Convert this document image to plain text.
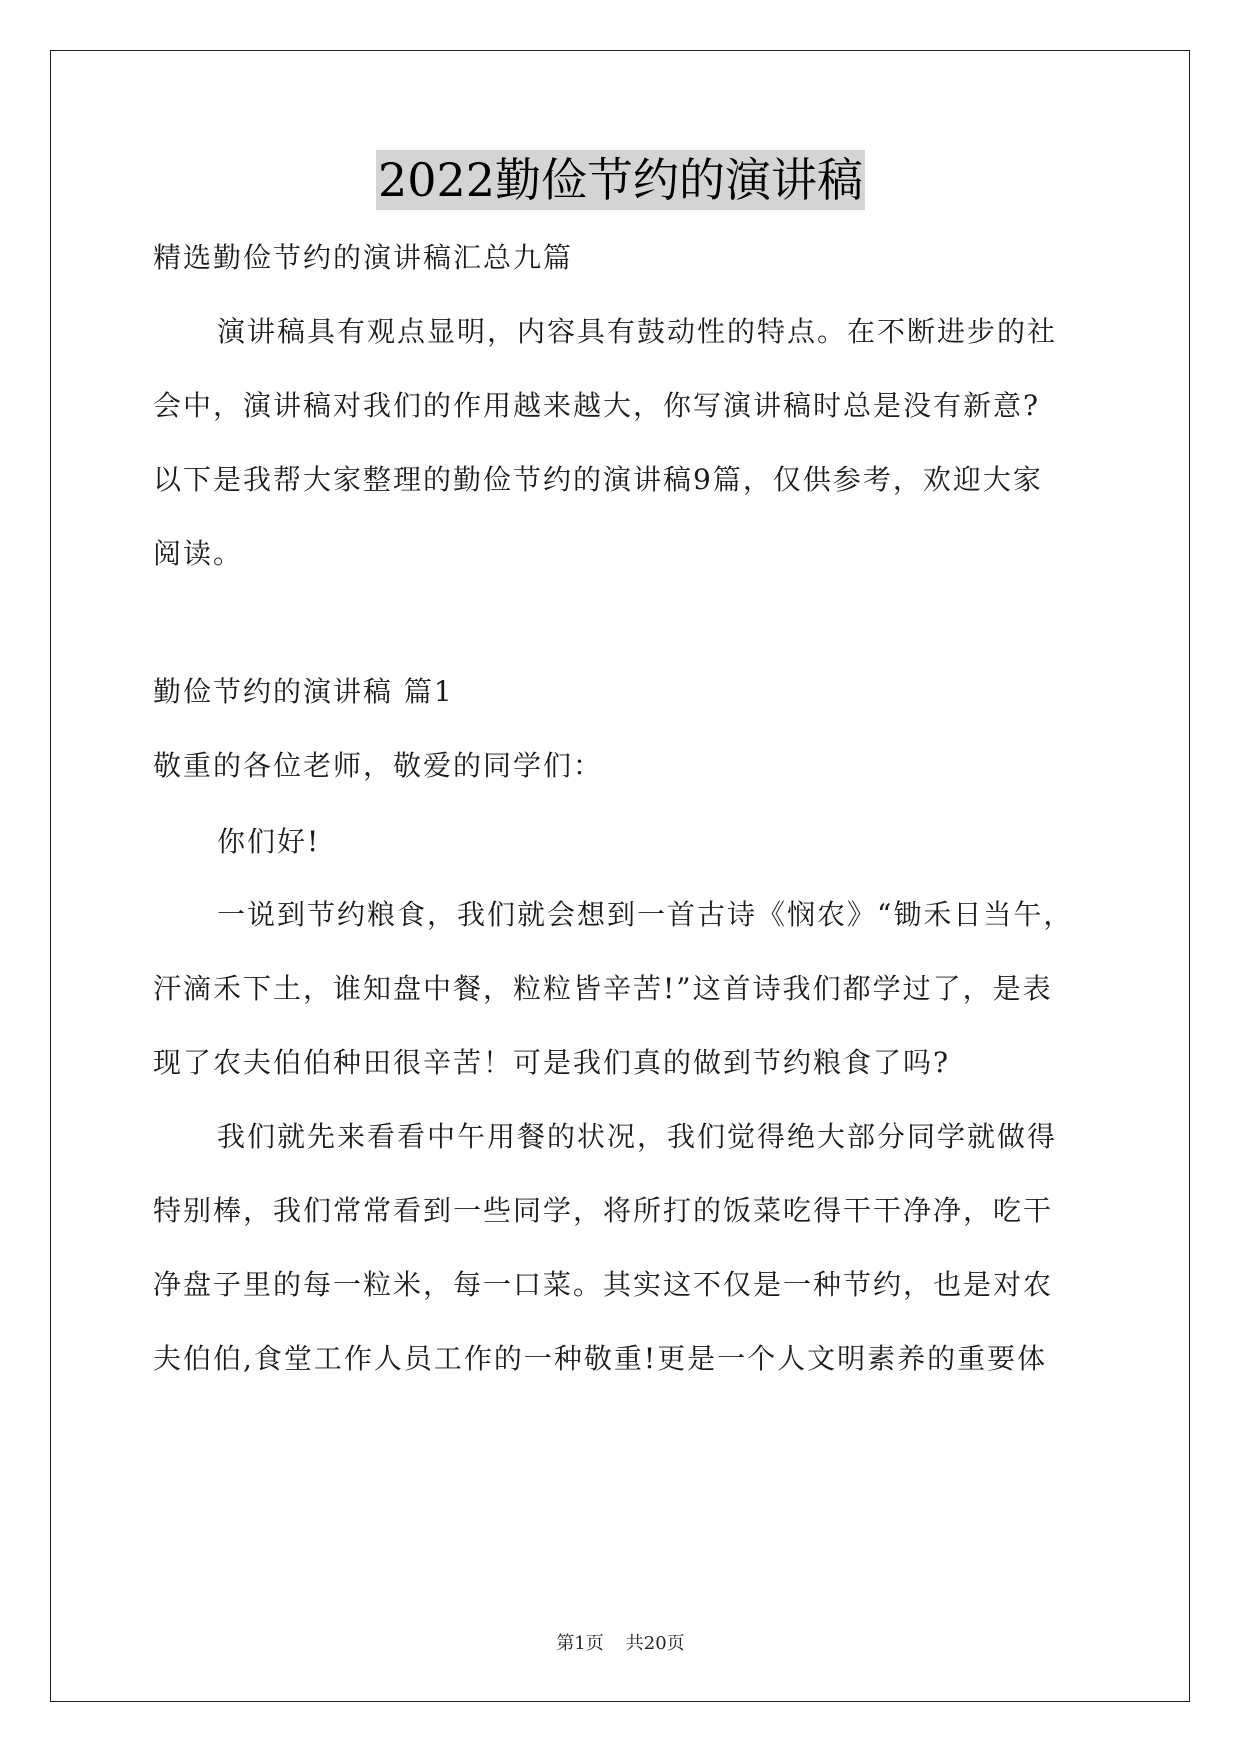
2022勤俭节约的演讲稿
精选勤俭节约的演讲稿汇总九篇
演讲稿具有观点显明，内容具有鼓动性的特点。在不断进步的社
会中，演讲稿对我们的作用越来越大，你写演讲稿时总是没有新意?
以下是我帮大家整理的勤俭节约的演讲稿9篇，仅供参考，欢迎大家
阅读。
勤俭节约的演讲稿 篇1
敬重的各位老师，敬爱的同学们：
你们好!
一说到节约粮食，我们就会想到一首古诗《悯农》“锄禾日当午，
汗滴禾下土，谁知盘中餐，粒粒皆辛苦!”这首诗我们都学过了，是表
现了农夫伯伯种田很辛苦！可是我们真的做到节约粮食了吗?
我们就先来看看中午用餐的状况，我们觉得绝大部分同学就做得
特别棒，我们常常看到一些同学，将所打的饭菜吃得干干净净，吃干
净盘子里的每一粒米，每一口菜。其实这不仅是一种节约，也是对农
夫伯伯,食堂工作人员工作的一种敬重!更是一个人文明素养的重要体
第1页 共20页
